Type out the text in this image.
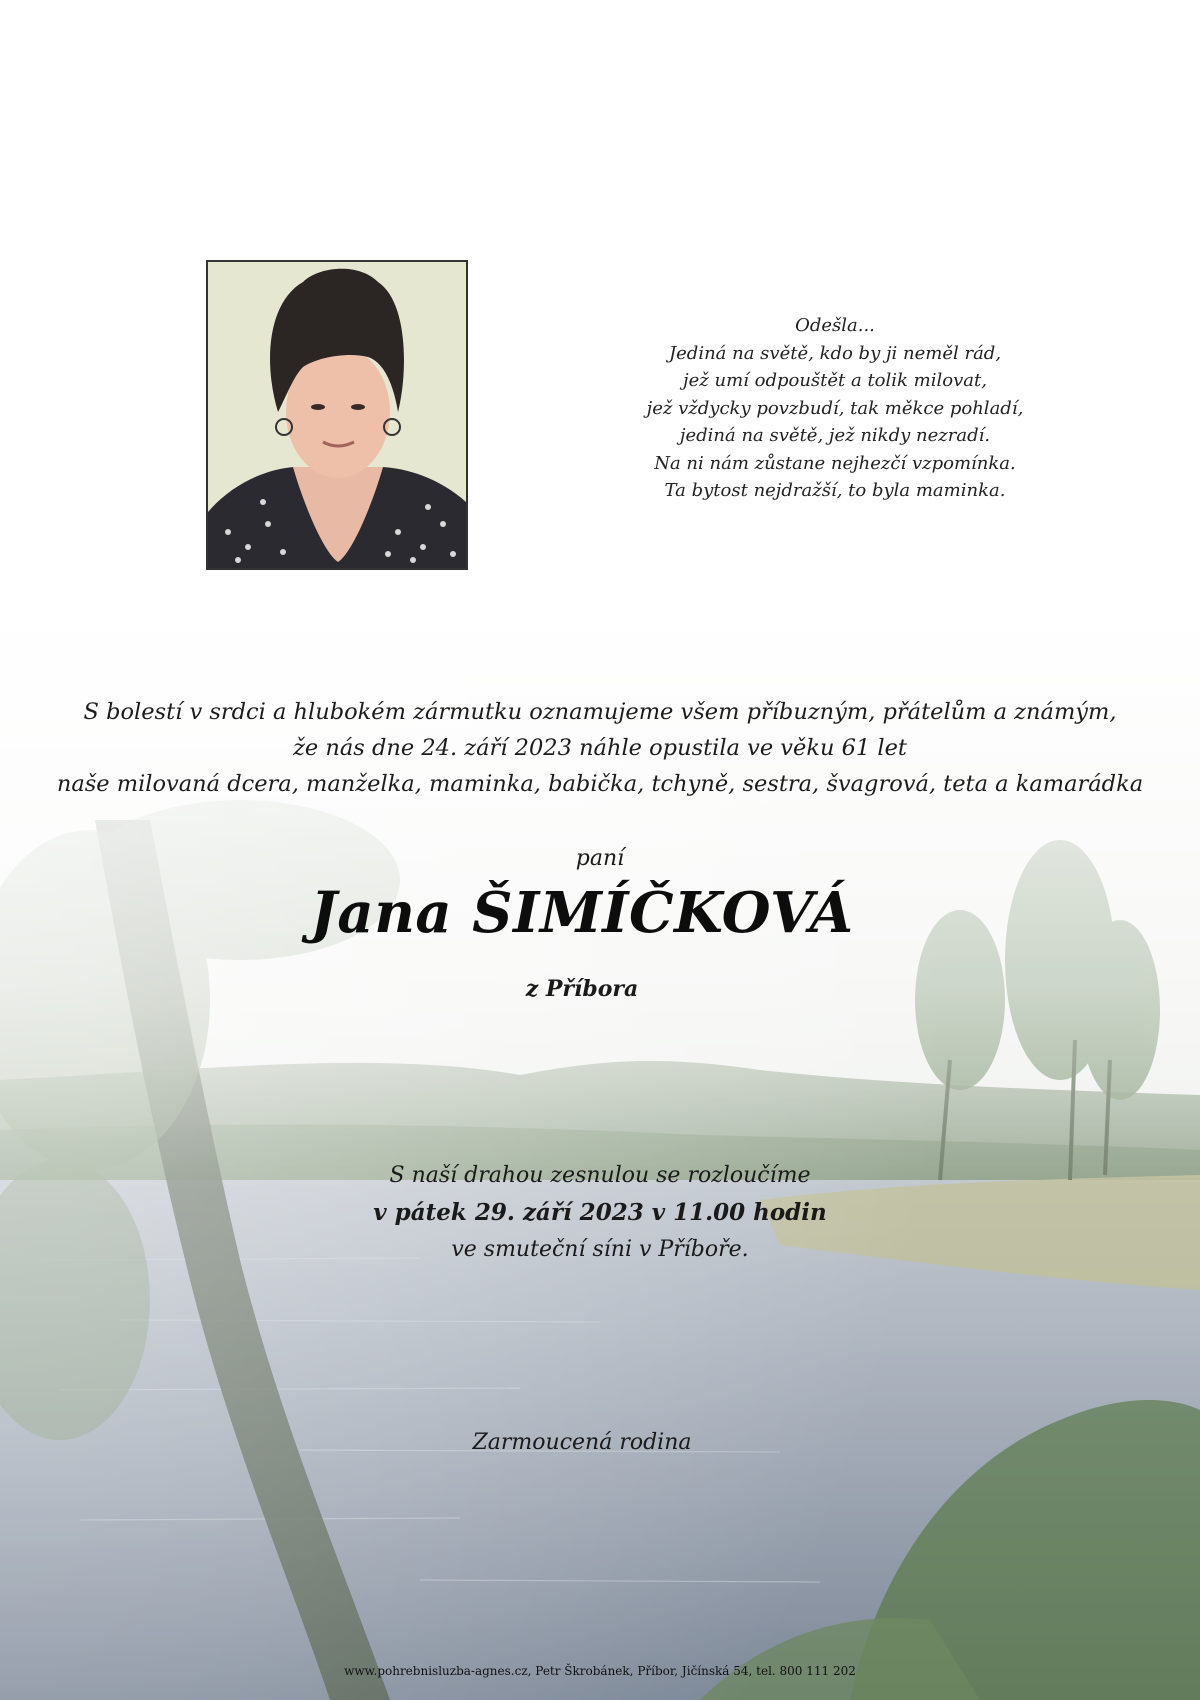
Odešla...
Jediná na světě, kdo by ji neměl rád,
jež umí odpouštět a tolik milovat,
jež vždycky povzbudí, tak měkce pohladí,
jediná na světě, jež nikdy nezradí.
Na ni nám zůstane nejhezčí vzpomínka.
Ta bytost nejdražší, to byla maminka.
S bolestí v srdci a hlubokém zármutku oznamujeme všem příbuzným, přátelům a známým,
že nás dne 24. září 2023 náhle opustila ve věku 61 let
naše milovaná dcera, manželka, maminka, babička, tchyně, sestra, švagrová, teta a kamarádka
paní
Jana ŠIMÍČKOVÁ
z Příbora
S naší drahou zesnulou se rozloučíme
v pátek 29. září 2023 v 11.00 hodin
ve smuteční síni v Příboře.
Zarmoucená rodina
www.pohrebnisluzba-agnes.cz, Petr Škrobánek, Příbor, Jičínská 54, tel. 800 111 202
